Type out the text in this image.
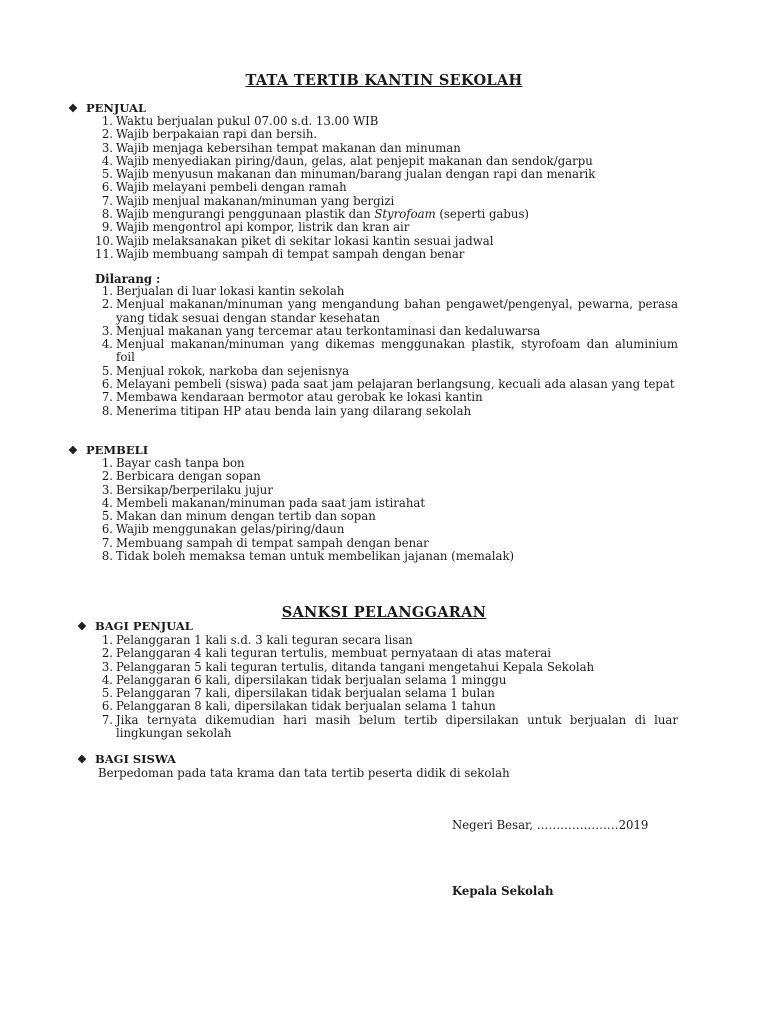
TATA TERTIB KANTIN SEKOLAH
❖ PENJUAL
1. Waktu berjualan pukul 07.00 s.d. 13.00 WIB
2. Wajib berpakaian rapi dan bersih.
3. Wajib menjaga kebersihan tempat makanan dan minuman
4. Wajib menyediakan piring/daun, gelas, alat penjepit makanan dan sendok/garpu
5. Wajib menyusun makanan dan minuman/barang jualan dengan rapi dan menarik
6. Wajib melayani pembeli dengan ramah
7. Wajib menjual makanan/minuman yang bergizi
8. Wajib mengurangi penggunaan plastik dan Styrofoam (seperti gabus)
9. Wajib mengontrol api kompor, listrik dan kran air
10. Wajib melaksanakan piket di sekitar lokasi kantin sesuai jadwal
11. Wajib membuang sampah di tempat sampah dengan benar
Dilarang :
1. Berjualan di luar lokasi kantin sekolah
2. Menjual makanan/minuman yang mengandung bahan pengawet/pengenyal, pewarna, perasa yang tidak sesuai dengan standar kesehatan
3. Menjual makanan yang tercemar atau terkontaminasi dan kedaluwarsa
4. Menjual makanan/minuman yang dikemas menggunakan plastik, styrofoam dan aluminium foil
5. Menjual rokok, narkoba dan sejenisnya
6. Melayani pembeli (siswa) pada saat jam pelajaran berlangsung, kecuali ada alasan yang tepat
7. Membawa kendaraan bermotor atau gerobak ke lokasi kantin
8. Menerima titipan HP atau benda lain yang dilarang sekolah
❖ PEMBELI
1. Bayar cash tanpa bon
2. Berbicara dengan sopan
3. Bersikap/berperilaku jujur
4. Membeli makanan/minuman pada saat jam istirahat
5. Makan dan minum dengan tertib dan sopan
6. Wajib menggunakan gelas/piring/daun
7. Membuang sampah di tempat sampah dengan benar
8. Tidak boleh memaksa teman untuk membelikan jajanan (memalak)
SANKSI PELANGGARAN
❖ BAGI PENJUAL
1. Pelanggaran 1 kali s.d. 3 kali teguran secara lisan
2. Pelanggaran 4 kali teguran tertulis, membuat pernyataan di atas materai
3. Pelanggaran 5 kali teguran tertulis, ditanda tangani mengetahui Kepala Sekolah
4. Pelanggaran 6 kali, dipersilakan tidak berjualan selama 1 minggu
5. Pelanggaran 7 kali, dipersilakan tidak berjualan selama 1 bulan
6. Pelanggaran 8 kali, dipersilakan tidak berjualan selama 1 tahun
7. Jika ternyata dikemudian hari masih belum tertib dipersilakan untuk berjualan di luar lingkungan sekolah
❖ BAGI SISWA
Berpedoman pada tata krama dan tata tertib peserta didik di sekolah
Negeri Besar, …………………2019
Kepala Sekolah
